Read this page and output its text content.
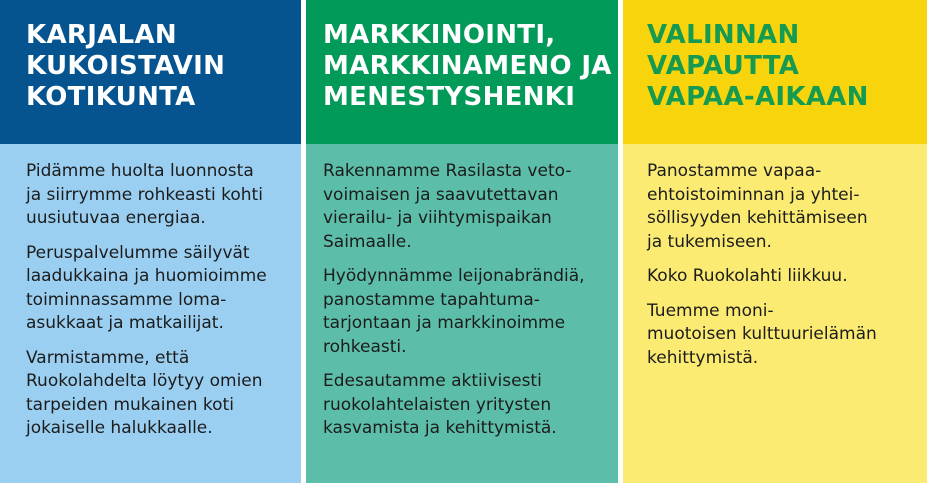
KARJALAN
KUKOISTAVIN
KOTIKUNTA

Pidämme huolta luonnosta
ja siirrymme rohkeasti kohti
uusiutuvaa energiaa.

Peruspalvelumme säilyvät
laadukkaina ja huomioimme
toiminnassamme loma-
asukkaat ja matkailijat.

Varmistamme, että
Ruokolahdelta löytyy omien
tarpeiden mukainen koti
jokaiselle halukkaalle.

MARKKINOINTI,
MARKKINAMENO JA
MENESTYSHENKI

Rakennamme Rasilasta veto-
voimaisen ja saavutettavan
vierailu- ja viihtymispaikan
Saimaalle.

Hyödynnämme leijonabrändiä,
panostamme tapahtuma-
tarjontaan ja markkinoimme
rohkeasti.

Edesautamme aktiivisesti
ruokolahtelaisten yritysten
kasvamista ja kehittymistä.

VALINNAN
VAPAUTTA
VAPAA-AIKAAN

Panostamme vapaa-
ehtoistoiminnan ja yhtei-
söllisyyden kehittämiseen
ja tukemiseen.

Koko Ruokolahti liikkuu.

Tuemme moni-
muotoisen kulttuurielämän
kehittymistä.
